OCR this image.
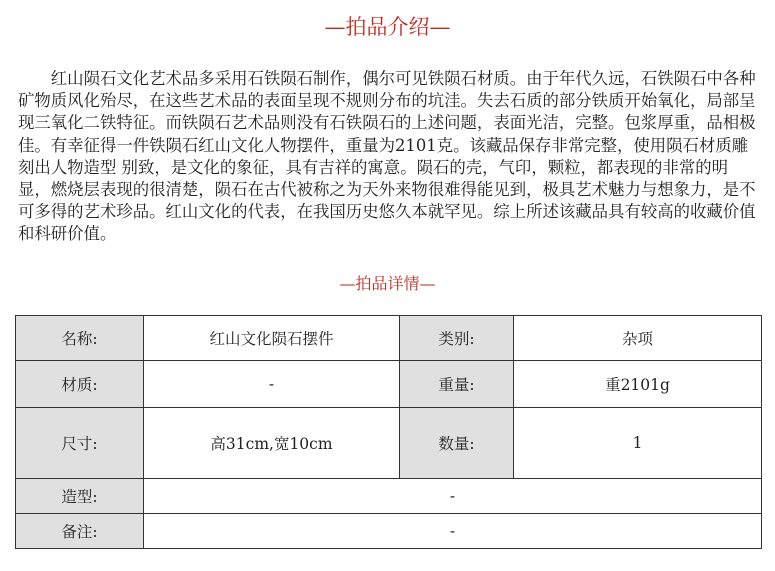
—拍品介绍—

红山陨石文化艺术品多采用石铁陨石制作，偶尔可见铁陨石材质。由于年代久远，石铁陨石中各种矿物质风化殆尽，在这些艺术品的表面呈现不规则分布的坑洼。失去石质的部分铁质开始氧化，局部呈现三氧化二铁特征。而铁陨石艺术品则没有石铁陨石的上述问题，表面光洁，完整。包浆厚重，品相极佳。有幸征得一件铁陨石红山文化人物摆件，重量为2101克。该藏品保存非常完整，使用陨石材质雕刻出人物造型 别致，是文化的象征，具有吉祥的寓意。陨石的壳，气印，颗粒，都表现的非常的明显，燃烧层表现的很清楚，陨石在古代被称之为天外来物很难得能见到，极具艺术魅力与想象力，是不可多得的艺术珍品。红山文化的代表，在我国历史悠久本就罕见。综上所述该藏品具有较高的收藏价值和科研价值。

—拍品详情—
名称:	红山文化陨石摆件	类别:	杂项
材质:	-	重量:	重2101g
尺寸:	高31cm,宽10cm	数量:	1
造型:	-		
备注:	-		
